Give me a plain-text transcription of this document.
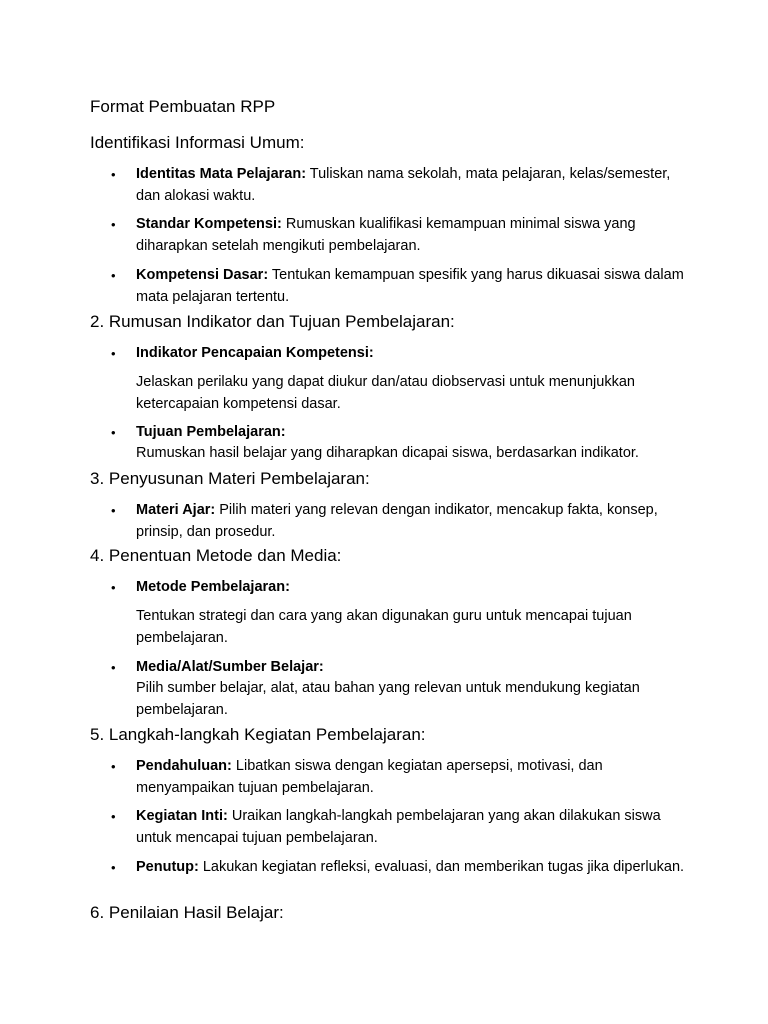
Format Pembuatan RPP
Identifikasi Informasi Umum:
• Identitas Mata Pelajaran: Tuliskan nama sekolah, mata pelajaran, kelas/semester, dan alokasi waktu.
• Standar Kompetensi: Rumuskan kualifikasi kemampuan minimal siswa yang diharapkan setelah mengikuti pembelajaran.
• Kompetensi Dasar: Tentukan kemampuan spesifik yang harus dikuasai siswa dalam mata pelajaran tertentu.
2. Rumusan Indikator dan Tujuan Pembelajaran:
• Indikator Pencapaian Kompetensi:
Jelaskan perilaku yang dapat diukur dan/atau diobservasi untuk menunjukkan ketercapaian kompetensi dasar.
• Tujuan Pembelajaran:
Rumuskan hasil belajar yang diharapkan dicapai siswa, berdasarkan indikator.
3. Penyusunan Materi Pembelajaran:
• Materi Ajar: Pilih materi yang relevan dengan indikator, mencakup fakta, konsep, prinsip, dan prosedur.
4. Penentuan Metode dan Media:
• Metode Pembelajaran:
Tentukan strategi dan cara yang akan digunakan guru untuk mencapai tujuan pembelajaran.
• Media/Alat/Sumber Belajar:
Pilih sumber belajar, alat, atau bahan yang relevan untuk mendukung kegiatan pembelajaran.
5. Langkah-langkah Kegiatan Pembelajaran:
• Pendahuluan: Libatkan siswa dengan kegiatan apersepsi, motivasi, dan menyampaikan tujuan pembelajaran.
• Kegiatan Inti: Uraikan langkah-langkah pembelajaran yang akan dilakukan siswa untuk mencapai tujuan pembelajaran.
• Penutup: Lakukan kegiatan refleksi, evaluasi, dan memberikan tugas jika diperlukan.
6. Penilaian Hasil Belajar:
